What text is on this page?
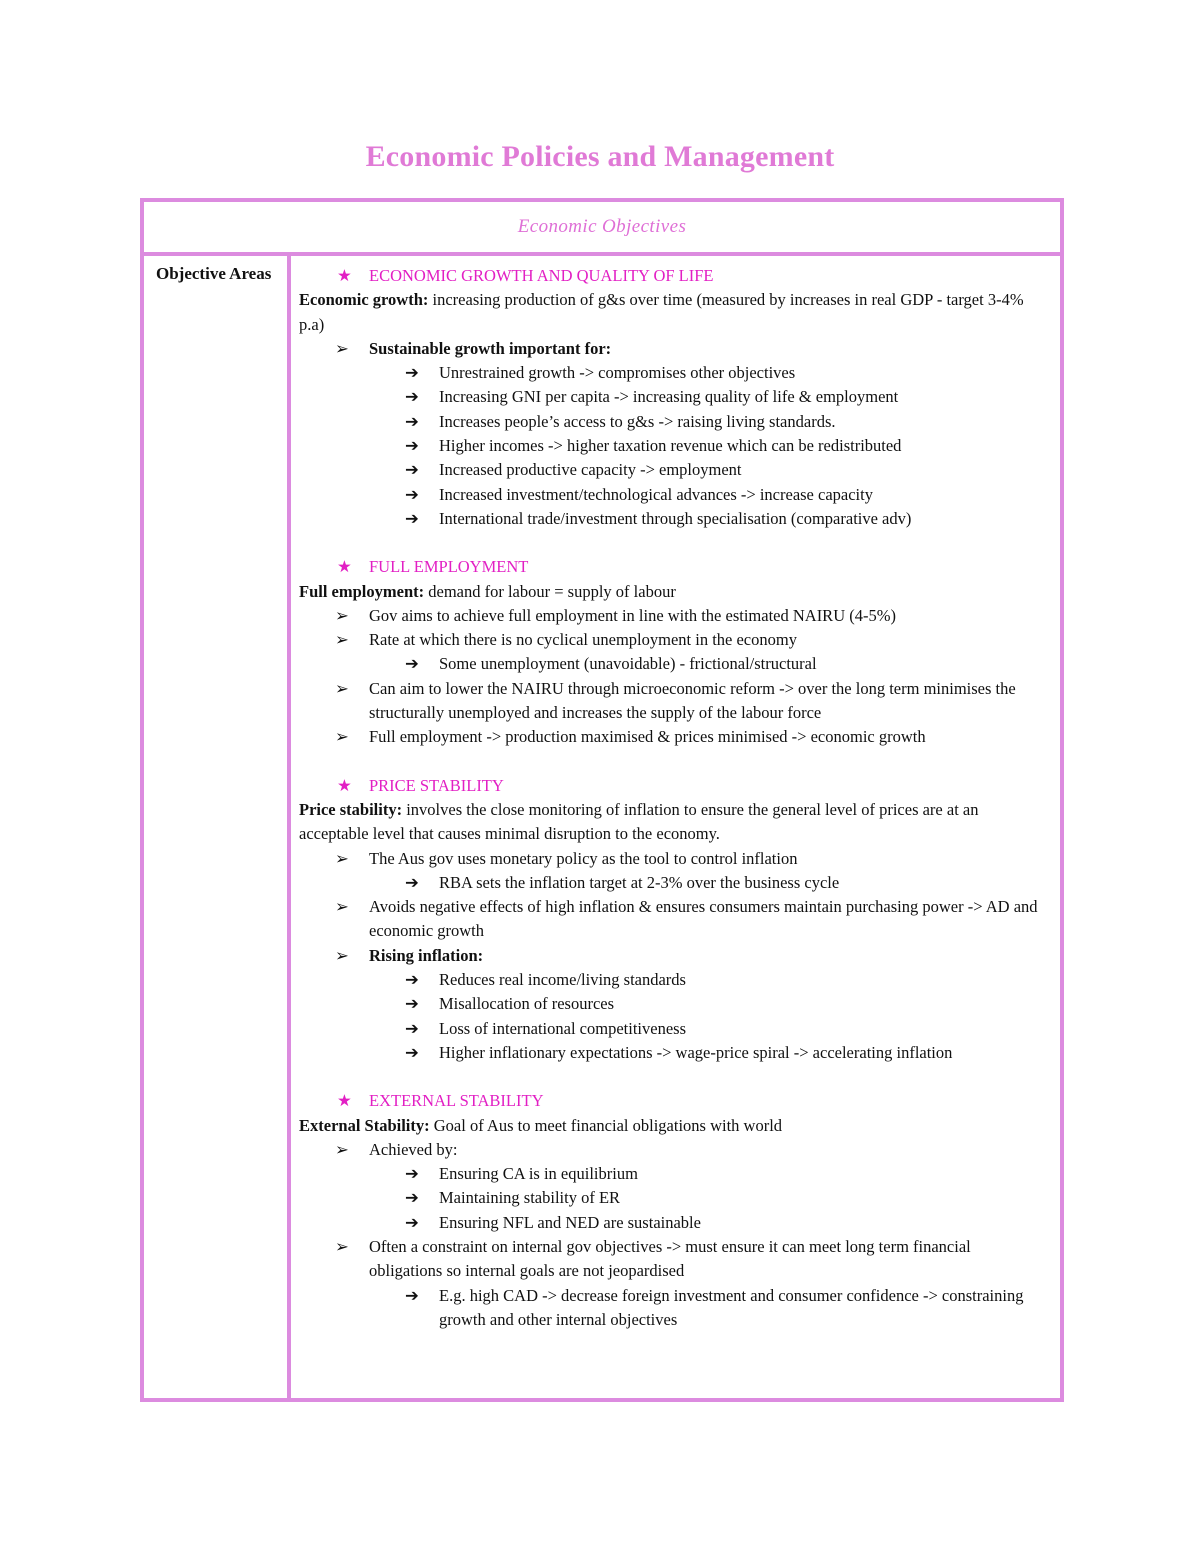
Economic Policies and Management
Economic Objectives
Objective Areas	★ ECONOMIC GROWTH AND QUALITY OF LIFE
Economic growth: increasing production of g&s over time (measured by increases in real GDP - target 3-4% p.a)
➢ Sustainable growth important for:
➔ Unrestrained growth -> compromises other objectives
➔ Increasing GNI per capita -> increasing quality of life & employment
➔ Increases people’s access to g&s -> raising living standards.
➔ Higher incomes -> higher taxation revenue which can be redistributed
➔ Increased productive capacity -> employment
➔ Increased investment/technological advances -> increase capacity
➔ International trade/investment through specialisation (comparative adv)
★ FULL EMPLOYMENT
Full employment: demand for labour = supply of labour
➢ Gov aims to achieve full employment in line with the estimated NAIRU (4-5%)
➢ Rate at which there is no cyclical unemployment in the economy
➔ Some unemployment (unavoidable) - frictional/structural
➢ Can aim to lower the NAIRU through microeconomic reform -> over the long term minimises the structurally unemployed and increases the supply of the labour force
➢ Full employment -> production maximised & prices minimised -> economic growth
★ PRICE STABILITY
Price stability: involves the close monitoring of inflation to ensure the general level of prices are at an acceptable level that causes minimal disruption to the economy.
➢ The Aus gov uses monetary policy as the tool to control inflation
➔ RBA sets the inflation target at 2-3% over the business cycle
➢ Avoids negative effects of high inflation & ensures consumers maintain purchasing power -> AD and economic growth
➢ Rising inflation:
➔ Reduces real income/living standards
➔ Misallocation of resources
➔ Loss of international competitiveness
➔ Higher inflationary expectations -> wage-price spiral -> accelerating inflation
★ EXTERNAL STABILITY
External Stability: Goal of Aus to meet financial obligations with world
➢ Achieved by:
➔ Ensuring CA is in equilibrium
➔ Maintaining stability of ER
➔ Ensuring NFL and NED are sustainable
➢ Often a constraint on internal gov objectives -> must ensure it can meet long term financial obligations so internal goals are not jeopardised
➔ E.g. high CAD -> decrease foreign investment and consumer confidence -> constraining growth and other internal objectives
